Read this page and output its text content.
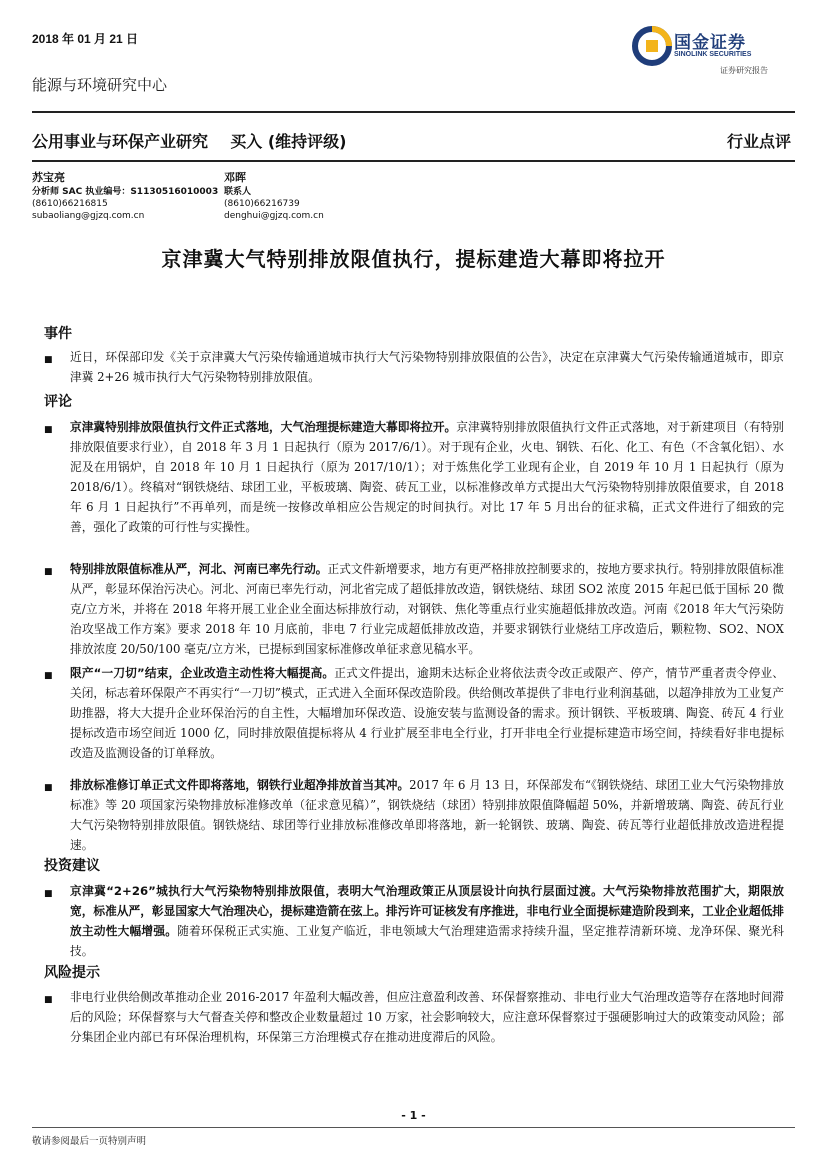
2018 年 01 月 21 日
能源与环境研究中心
国金证券
SINOLINK SECURITIES
证券研究报告
公用事业与环保产业研究    买入 (维持评级)	行业点评
苏宝亮
分析师 SAC 执业编号：S1130516010003
(8610)66216815
subaoliang@gjzq.com.cn
邓晖
联系人
(8610)66216739
denghui@gjzq.com.cn
京津冀大气特别排放限值执行，提标建造大幕即将拉开
事件
■ 近日，环保部印发《关于京津冀大气污染传输通道城市执行大气污染物特别排放限值的公告》，决定在京津冀大气污染传输通道城市，即京津冀 2+26 城市执行大气污染物特别排放限值。
评论
■ 京津冀特别排放限值执行文件正式落地，大气治理提标建造大幕即将拉开。京津冀特别排放限值执行文件正式落地，对于新建项目（有特别排放限值要求行业），自 2018 年 3 月 1 日起执行（原为 2017/6/1）。对于现有企业，火电、钢铁、石化、化工、有色（不含氧化铝）、水泥及在用锅炉，自 2018 年 10 月 1 日起执行（原为 2017/10/1）；对于炼焦化学工业现有企业，自 2019 年 10 月 1 日起执行（原为 2018/6/1）。终稿对“钢铁烧结、球团工业，平板玻璃、陶瓷、砖瓦工业，以标准修改单方式提出大气污染物特别排放限值要求，自 2018 年 6 月 1 日起执行”不再单列，而是统一按修改单相应公告规定的时间执行。对比 17 年 5 月出台的征求稿，正式文件进行了细致的完善，强化了政策的可行性与实操性。
■ 特别排放限值标准从严，河北、河南已率先行动。正式文件新增要求，地方有更严格排放控制要求的，按地方要求执行。特别排放限值标准从严，彰显环保治污决心。河北、河南已率先行动，河北省完成了超低排放改造，钢铁烧结、球团 SO2 浓度 2015 年起已低于国标 20 微克/立方米，并将在 2018 年将开展工业企业全面达标排放行动，对钢铁、焦化等重点行业实施超低排放改造。河南《2018 年大气污染防治攻坚战工作方案》要求 2018 年 10 月底前，非电 7 行业完成超低排放改造，并要求钢铁行业烧结工序改造后，颗粒物、SO2、NOX 排放浓度 20/50/100 毫克/立方米，已提标到国家标准修改单征求意见稿水平。
■ 限产“一刀切”结束，企业改造主动性将大幅提高。正式文件提出，逾期未达标企业将依法责令改正或限产、停产，情节严重者责令停业、关闭，标志着环保限产不再实行“一刀切”模式，正式进入全面环保改造阶段。供给侧改革提供了非电行业利润基础，以超净排放为工业复产助推器，将大大提升企业环保治污的自主性，大幅增加环保改造、设施安装与监测设备的需求。预计钢铁、平板玻璃、陶瓷、砖瓦 4 行业提标改造市场空间近 1000 亿，同时排放限值提标将从 4 行业扩展至非电全行业，打开非电全行业提标建造市场空间，持续看好非电提标改造及监测设备的订单释放。
■ 排放标准修订单正式文件即将落地，钢铁行业超净排放首当其冲。2017 年 6 月 13 日，环保部发布“《钢铁烧结、球团工业大气污染物排放标准》等 20 项国家污染物排放标准修改单（征求意见稿）”，钢铁烧结（球团）特别排放限值降幅超 50%，并新增玻璃、陶瓷、砖瓦行业大气污染物特别排放限值。钢铁烧结、球团等行业排放标准修改单即将落地，新一轮钢铁、玻璃、陶瓷、砖瓦等行业超低排放改造进程提速。
投资建议
■ 京津冀“2+26”城执行大气污染物特别排放限值，表明大气治理政策正从顶层设计向执行层面过渡。大气污染物排放范围扩大，期限放宽，标准从严，彰显国家大气治理决心，提标建造箭在弦上。排污许可证核发有序推进，非电行业全面提标建造阶段到来，工业企业超低排放主动性大幅增强。随着环保税正式实施、工业复产临近，非电领域大气治理建造需求持续升温，坚定推荐清新环境、龙净环保、聚光科技。
风险提示
■ 非电行业供给侧改革推动企业 2016-2017 年盈利大幅改善，但应注意盈利改善、环保督察推动、非电行业大气治理改造等存在落地时间滞后的风险；环保督察与大气督查关停和整改企业数量超过 10 万家，社会影响较大，应注意环保督察过于强硬影响过大的政策变动风险；部分集团企业内部已有环保治理机构，环保第三方治理模式存在推动进度滞后的风险。
- 1 -
敬请参阅最后一页特别声明
